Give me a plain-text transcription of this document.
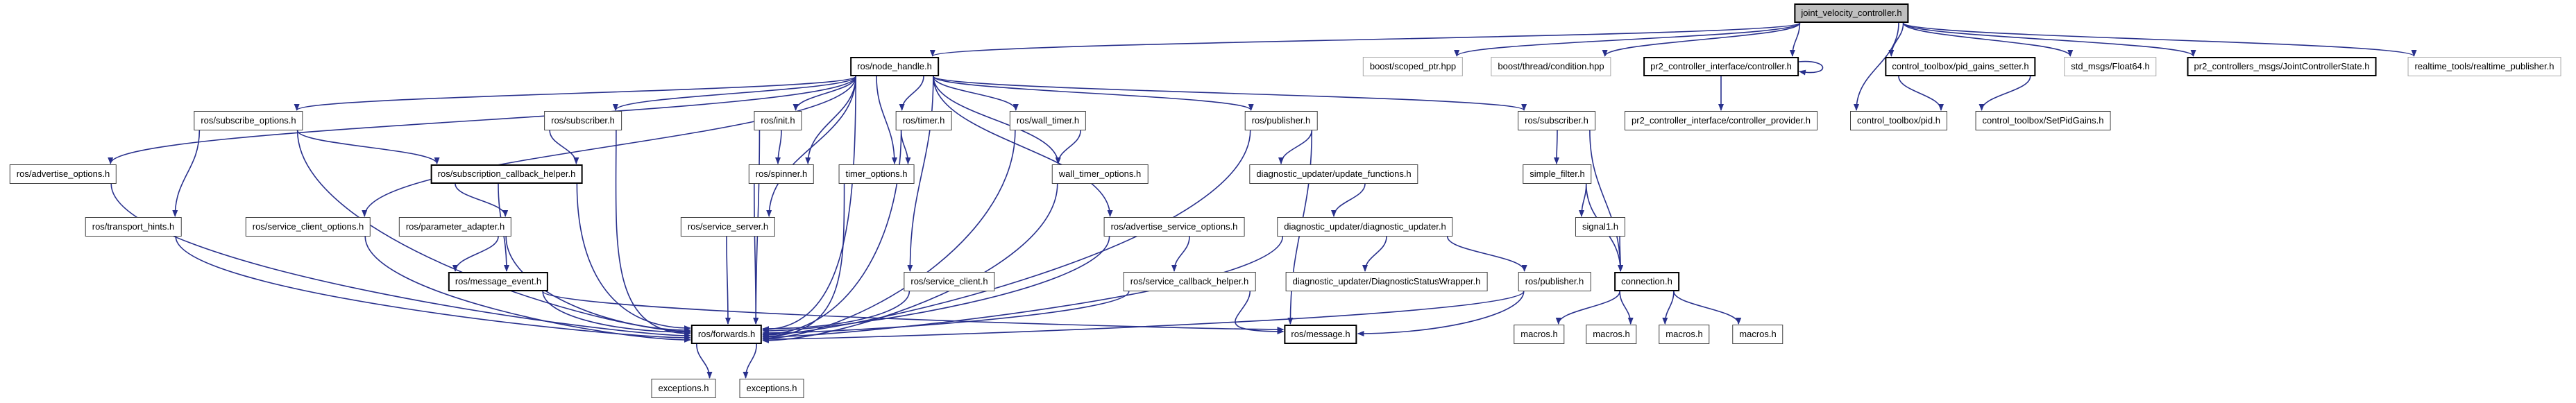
joint_velocity_controller.h
ros/node_handle.h	boost/scoped_ptr.hpp	boost/thread/condition.hpp	pr2_controller_interface/controller.h	control_toolbox/pid_gains_setter.h	std_msgs/Float64.h	pr2_controllers_msgs/JointControllerState.h	realtime_tools/realtime_publisher.h
ros/subscribe_options.h	ros/subscriber.h	ros/init.h	ros/timer.h	ros/wall_timer.h	ros/publisher.h	ros/subscriber.h	pr2_controller_interface/controller_provider.h	control_toolbox/pid.h	control_toolbox/SetPidGains.h
ros/advertise_options.h	ros/subscription_callback_helper.h	ros/spinner.h	timer_options.h	wall_timer_options.h	diagnostic_updater/update_functions.h	simple_filter.h
ros/transport_hints.h	ros/service_client_options.h	ros/parameter_adapter.h	ros/service_server.h	ros/advertise_service_options.h	diagnostic_updater/diagnostic_updater.h	signal1.h
ros/message_event.h	ros/service_client.h	ros/service_callback_helper.h	diagnostic_updater/DiagnosticStatusWrapper.h	ros/publisher.h	connection.h
ros/forwards.h	ros/message.h	macros.h	macros.h	macros.h	macros.h
exceptions.h	exceptions.h
